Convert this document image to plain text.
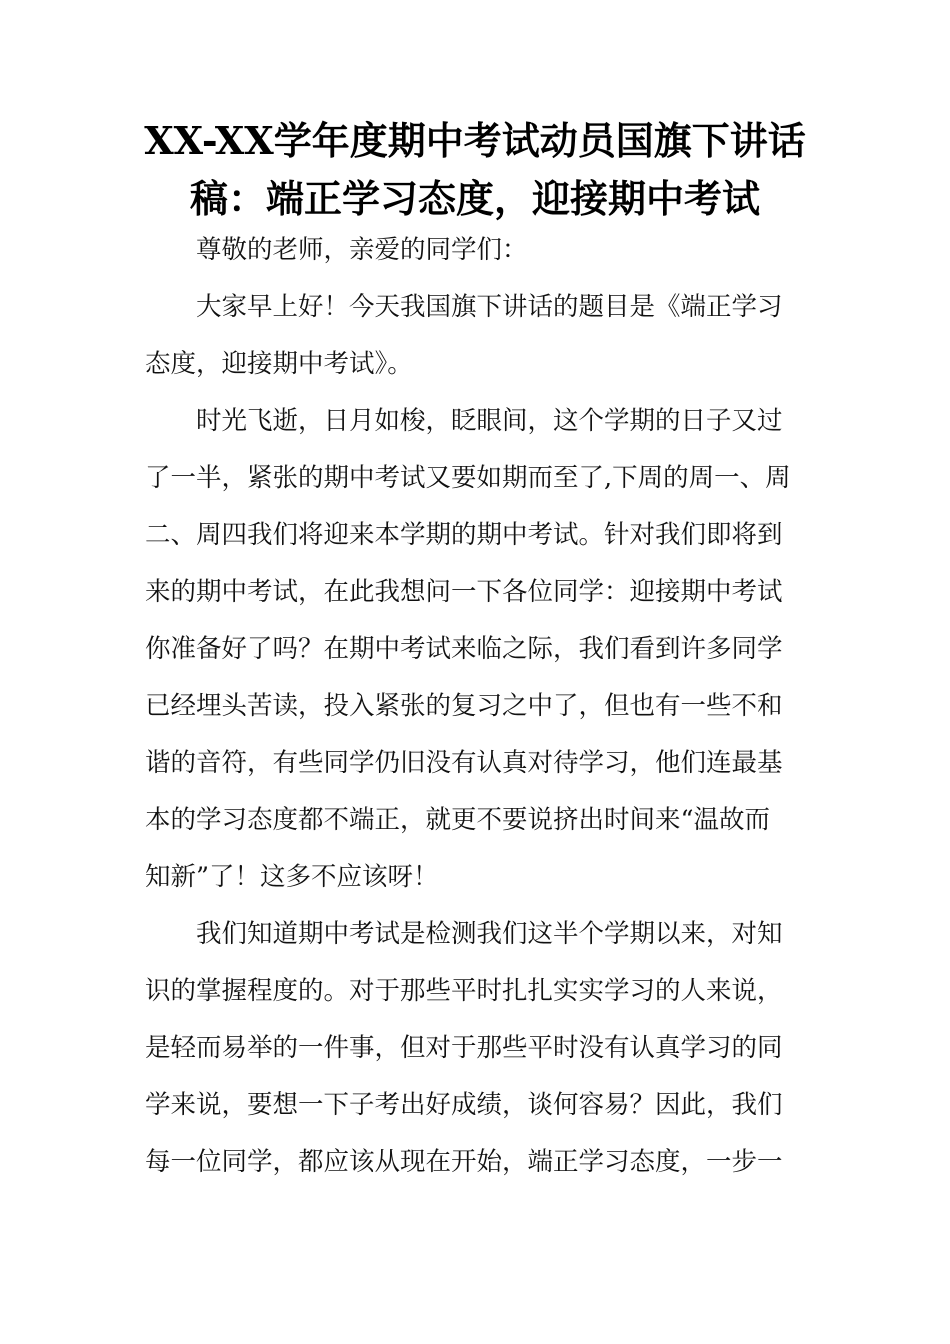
XX-XX学年度期中考试动员国旗下讲话
稿：端正学习态度，迎接期中考试
尊敬的老师，亲爱的同学们：
大家早上好！今天我国旗下讲话的题目是《端正学习
态度，迎接期中考试》。
时光飞逝，日月如梭，眨眼间，这个学期的日子又过
了一半，紧张的期中考试又要如期而至了,下周的周一、周
二、周四我们将迎来本学期的期中考试。针对我们即将到
来的期中考试，在此我想问一下各位同学：迎接期中考试
你准备好了吗？在期中考试来临之际，我们看到许多同学
已经埋头苦读，投入紧张的复习之中了，但也有一些不和
谐的音符，有些同学仍旧没有认真对待学习，他们连最基
本的学习态度都不端正，就更不要说挤出时间来“温故而
知新”了！这多不应该呀！
我们知道期中考试是检测我们这半个学期以来，对知
识的掌握程度的。对于那些平时扎扎实实学习的人来说，
是轻而易举的一件事，但对于那些平时没有认真学习的同
学来说，要想一下子考出好成绩，谈何容易？因此，我们
每一位同学，都应该从现在开始，端正学习态度，一步一
